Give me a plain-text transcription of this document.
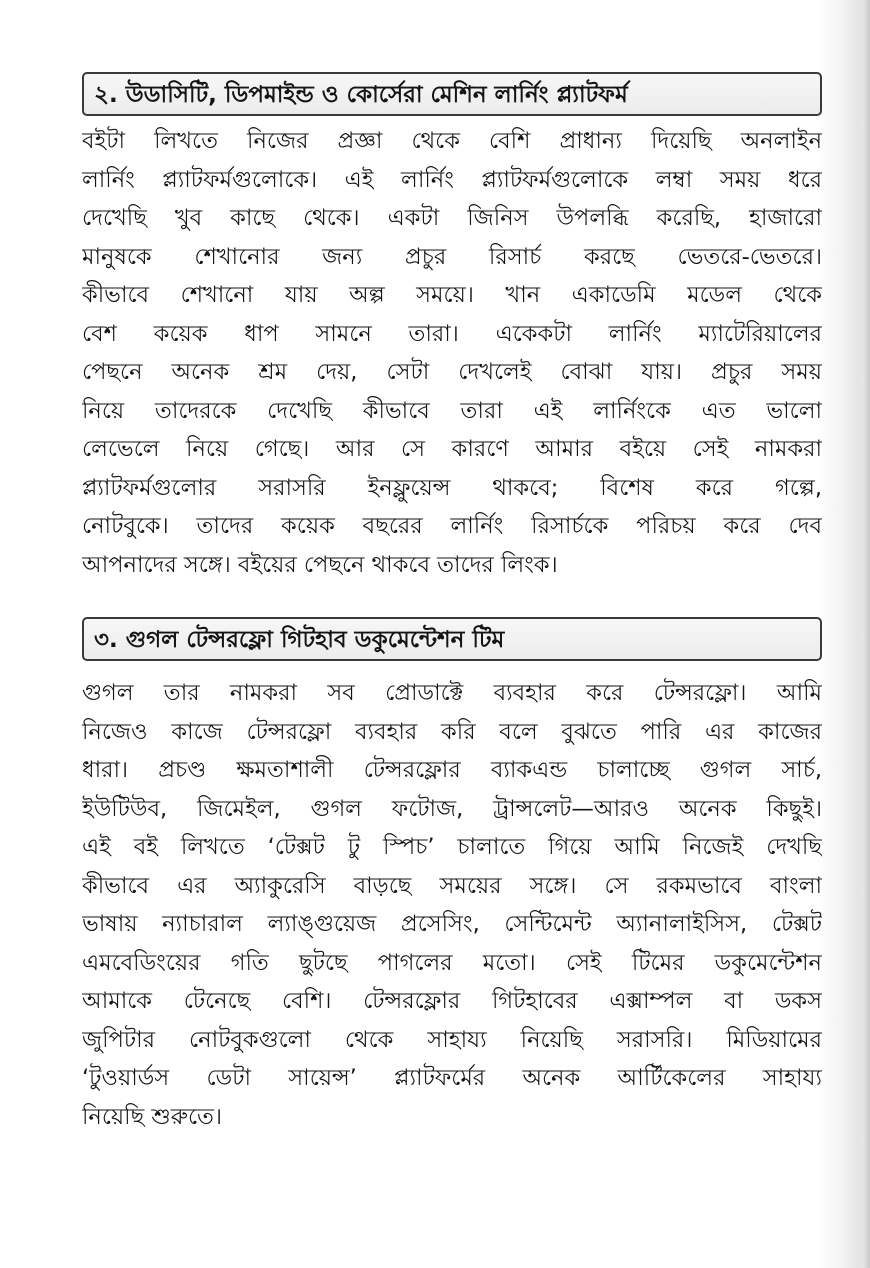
২. উডাসিটি, ডিপমাইন্ড ও কোর্সেরা মেশিন লার্নিং প্ল্যাটফর্ম
বইটা লিখতে নিজের প্রজ্ঞা থেকে বেশি প্রাধান্য দিয়েছি অনলাইন
লার্নিং প্ল্যাটফর্মগুলোকে। এই লার্নিং প্ল্যাটফর্মগুলোকে লম্বা সময় ধরে
দেখেছি খুব কাছে থেকে। একটা জিনিস উপলব্ধি করেছি, হাজারো
মানুষকে শেখানোর জন্য প্রচুর রিসার্চ করছে ভেতরে-ভেতরে।
কীভাবে শেখানো যায় অল্প সময়ে। খান একাডেমি মডেল থেকে
বেশ কয়েক ধাপ সামনে তারা। একেকটা লার্নিং ম্যাটেরিয়ালের
পেছনে অনেক শ্রম দেয়, সেটা দেখলেই বোঝা যায়। প্রচুর সময়
নিয়ে তাদেরকে দেখেছি কীভাবে তারা এই লার্নিংকে এত ভালো
লেভেলে নিয়ে গেছে। আর সে কারণে আমার বইয়ে সেই নামকরা
প্ল্যাটফর্মগুলোর সরাসরি ইনফ্লুয়েন্স থাকবে; বিশেষ করে গল্পে,
নোটবুকে। তাদের কয়েক বছরের লার্নিং রিসার্চকে পরিচয় করে দেব
আপনাদের সঙ্গে। বইয়ের পেছনে থাকবে তাদের লিংক।
৩. গুগল টেন্সরফ্লো গিটহাব ডকুমেন্টেশন টিম
গুগল তার নামকরা সব প্রোডাক্টে ব্যবহার করে টেন্সরফ্লো। আমি
নিজেও কাজে টেন্সরফ্লো ব্যবহার করি বলে বুঝতে পারি এর কাজের
ধারা। প্রচণ্ড ক্ষমতাশালী টেন্সরফ্লোর ব্যাকএন্ড চালাচ্ছে গুগল সার্চ,
ইউটিউব, জিমেইল, গুগল ফটোজ, ট্রান্সলেট—আরও অনেক কিছুই।
এই বই লিখতে ‘টেক্সট টু স্পিচ’ চালাতে গিয়ে আমি নিজেই দেখছি
কীভাবে এর অ্যাকুরেসি বাড়ছে সময়ের সঙ্গে। সে রকমভাবে বাংলা
ভাষায় ন্যাচারাল ল্যাঙ্গুয়েজ প্রসেসিং, সেন্টিমেন্ট অ্যানালাইসিস, টেক্সট
এমবেডিংয়ের গতি ছুটছে পাগলের মতো। সেই টিমের ডকুমেন্টেশন
আমাকে টেনেছে বেশি। টেন্সরফ্লোর গিটহাবের এক্সাম্পল বা ডকস
জুপিটার নোটবুকগুলো থেকে সাহায্য নিয়েছি সরাসরি। মিডিয়ামের
‘টুওয়ার্ডস ডেটা সায়েন্স’ প্ল্যাটফর্মের অনেক আর্টিকেলের সাহায্য
নিয়েছি শুরুতে।
